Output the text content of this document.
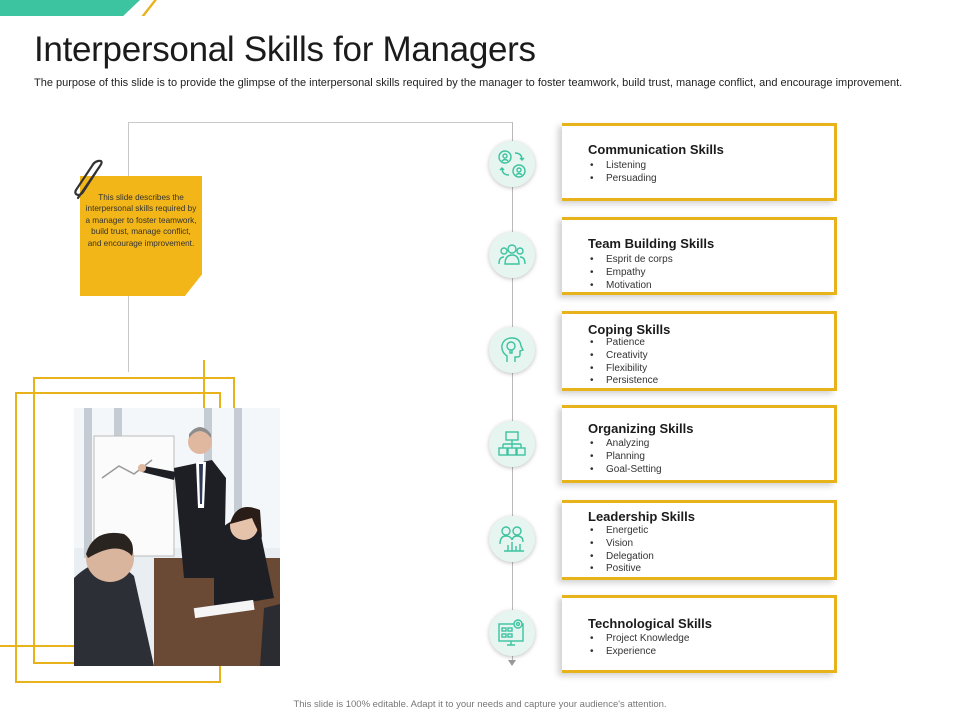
Interpersonal Skills for Managers
The purpose of this slide is to provide the glimpse of the interpersonal skills required by the manager to foster teamwork, build trust, manage conflict, and encourage improvement.
This slide describes the interpersonal skills required by a manager to foster teamwork, build trust, manage conflict, and encourage improvement.
Communication Skills
• Listening
• Persuading
Team Building Skills
• Esprit de corps
• Empathy
• Motivation
Coping Skills
• Patience
• Creativity
• Flexibility
• Persistence
Organizing Skills
• Analyzing
• Planning
• Goal-Setting
Leadership Skills
• Energetic
• Vision
• Delegation
• Positive
Technological Skills
• Project Knowledge
• Experience
This slide is 100% editable. Adapt it to your needs and capture your audience's attention.
